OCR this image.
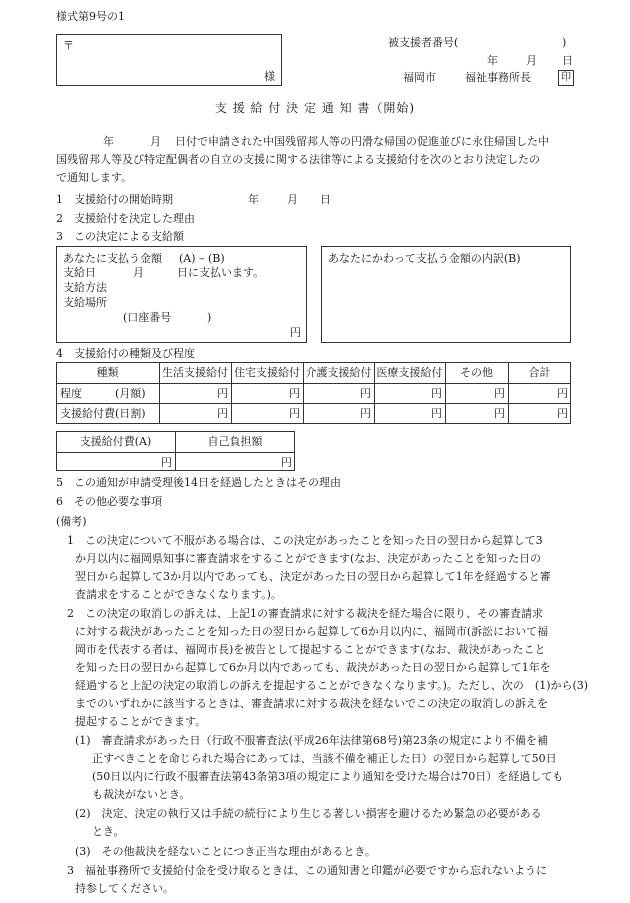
様式第9号の1
〒
様
被支援者番号(	)
年	月 日
福岡市	福祉事務所長	印
支 援 給 付 決 定 通 知 書（開始)
年	月 日付で申請された中国残留邦人等の円滑な帰国の促進並びに永住帰国した中
国残留邦人等及び特定配偶者の自立の支援に関する法律等による支援給付を次のとおり決定したの
で通知します。
1　支援給付の開始時期	年	月 日
2　支援給付を決定した理由
3　この決定による支給額
あなたに支払う金額 (A) – (B)
支給日	月	日に支払います。
支給方法
支給場所
(口座番号	)
円
あなたにかわって支払う金額の内訳(B)
4　支援給付の種類及び程度
種類	生活支援給付 住宅支援給付 介護支援給付 医療支援給付	その他	合計
程度	(月額)	円	円	円	円	円	円
支援給付費(日割)	円	円	円	円	円	円
支援給付費(A)	自己負担額
円	円
5　この通知が申請受理後14日を経過したときはその理由
6　その他必要な事項
(備考)
1　この決定について不服がある場合は、この決定があったことを知った日の翌日から起算して3
か月以内に福岡県知事に審査請求をすることができます(なお、決定があったことを知った日の
翌日から起算して3か月以内であっても、決定があった日の翌日から起算して1年を経過すると審
査請求をすることができなくなります。)。
2　この決定の取消しの訴えは、上記1の審査請求に対する裁決を経た場合に限り、その審査請求
に対する裁決があったことを知った日の翌日から起算して6か月以内に、福岡市(訴訟において福
岡市を代表する者は、福岡市長)を被告として提起することができます(なお、裁決があったこと
を知った日の翌日から起算して6か月以内であっても、裁決があった日の翌日から起算して1年を
経過すると上記の決定の取消しの訴えを提起することができなくなります。)。ただし、次の　(1)から(3)
までのいずれかに該当するときは、審査請求に対する裁決を経ないでこの決定の取消しの訴えを
提起することができます。
(1)　審査請求があった日（行政不服審査法(平成26年法律第68号)第23条の規定により不備を補
正すべきことを命じられた場合にあっては、当該不備を補正した日）の翌日から起算して50日
(50日以内に行政不服審査法第43条第3項の規定により通知を受けた場合は70日）を経過しても
も裁決がないとき。
(2)　決定、決定の執行又は手続の続行により生じる著しい損害を避けるため緊急の必要がある
とき。
(3)　その他裁決を経ないことにつき正当な理由があるとき。
3　福祉事務所で支援給付金を受け取るときは、この通知書と印鑑が必要ですから忘れないように
持参してください。
